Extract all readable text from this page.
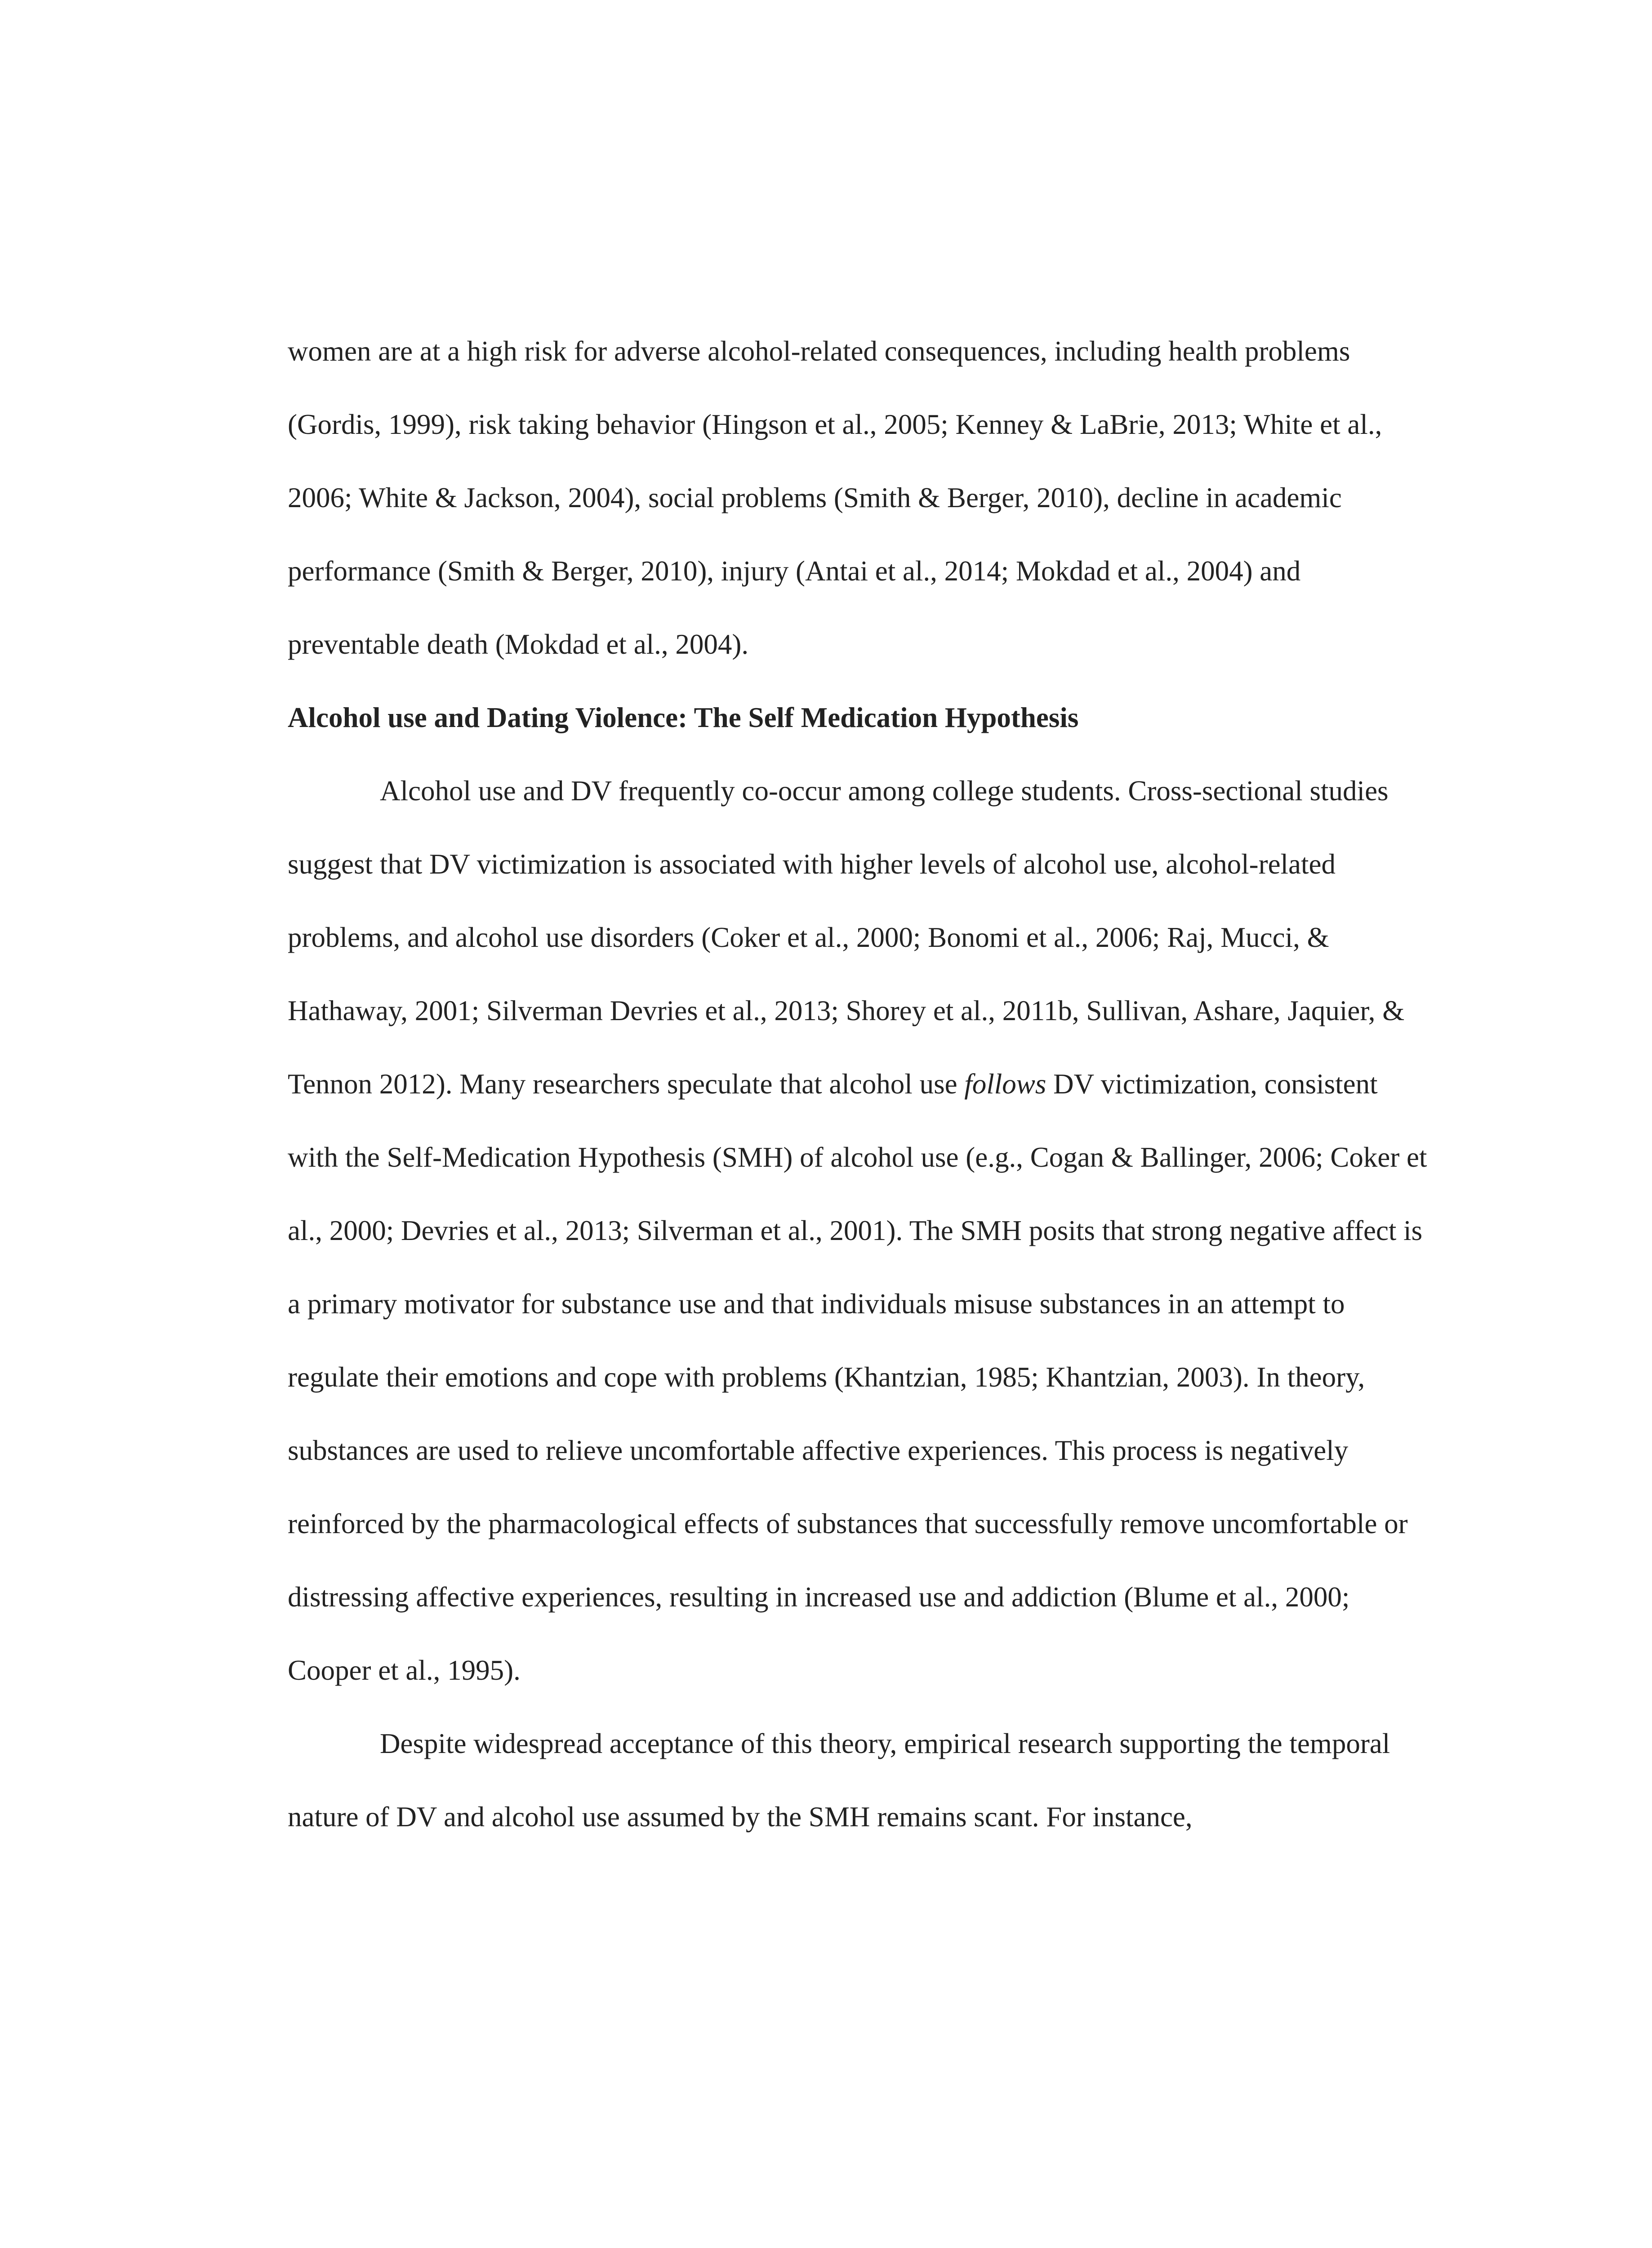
women are at a high risk for adverse alcohol-related consequences, including health problems (Gordis, 1999), risk taking behavior (Hingson et al., 2005; Kenney & LaBrie, 2013; White et al., 2006; White & Jackson, 2004), social problems (Smith & Berger, 2010), decline in academic performance (Smith & Berger, 2010), injury (Antai et al., 2014; Mokdad et al., 2004) and preventable death (Mokdad et al., 2004).

Alcohol use and Dating Violence: The Self Medication Hypothesis

Alcohol use and DV frequently co-occur among college students. Cross-sectional studies suggest that DV victimization is associated with higher levels of alcohol use, alcohol-related problems, and alcohol use disorders (Coker et al., 2000; Bonomi et al., 2006; Raj, Mucci, & Hathaway, 2001; Silverman Devries et al., 2013; Shorey et al., 2011b, Sullivan, Ashare, Jaquier, & Tennon 2012). Many researchers speculate that alcohol use follows DV victimization, consistent with the Self-Medication Hypothesis (SMH) of alcohol use (e.g., Cogan & Ballinger, 2006; Coker et al., 2000; Devries et al., 2013; Silverman et al., 2001). The SMH posits that strong negative affect is a primary motivator for substance use and that individuals misuse substances in an attempt to regulate their emotions and cope with problems (Khantzian, 1985; Khantzian, 2003). In theory, substances are used to relieve uncomfortable affective experiences. This process is negatively reinforced by the pharmacological effects of substances that successfully remove uncomfortable or distressing affective experiences, resulting in increased use and addiction (Blume et al., 2000; Cooper et al., 1995).

Despite widespread acceptance of this theory, empirical research supporting the temporal nature of DV and alcohol use assumed by the SMH remains scant. For instance,
